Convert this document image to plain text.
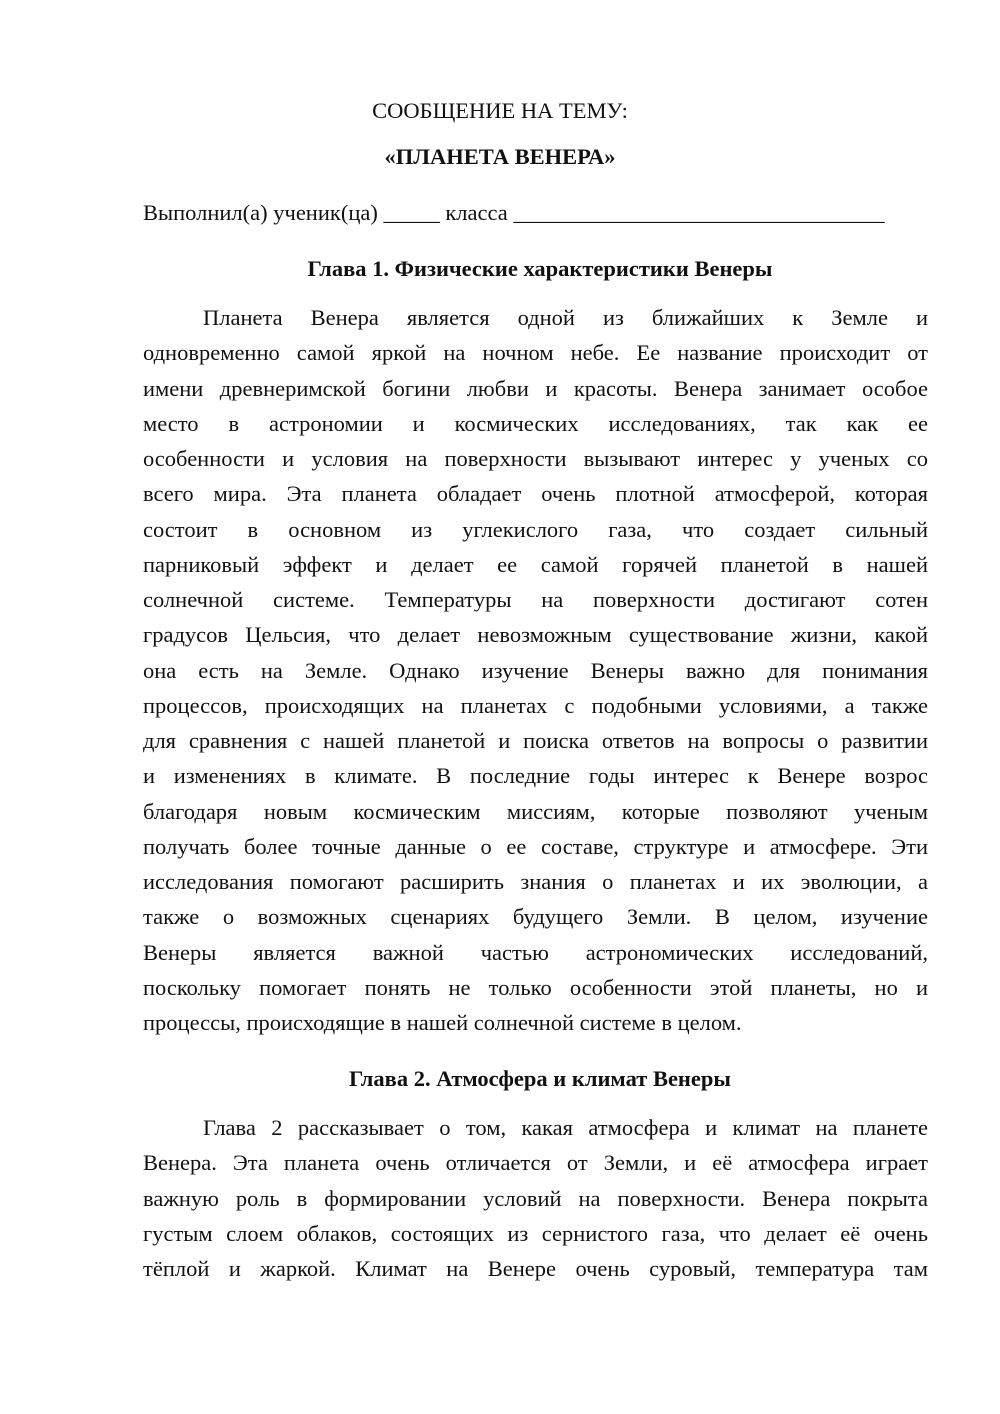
СООБЩЕНИЕ НА ТЕМУ:
«ПЛАНЕТА ВЕНЕРА»
Выполнил(а) ученик(ца) _____ класса _________________________________
Глава 1. Физические характеристики Венеры
Планета Венера является одной из ближайших к Земле и
одновременно самой яркой на ночном небе. Ее название происходит от
имени древнеримской богини любви и красоты. Венера занимает особое
место в астрономии и космических исследованиях, так как ее
особенности и условия на поверхности вызывают интерес у ученых со
всего мира. Эта планета обладает очень плотной атмосферой, которая
состоит в основном из углекислого газа, что создает сильный
парниковый эффект и делает ее самой горячей планетой в нашей
солнечной системе. Температуры на поверхности достигают сотен
градусов Цельсия, что делает невозможным существование жизни, какой
она есть на Земле. Однако изучение Венеры важно для понимания
процессов, происходящих на планетах с подобными условиями, а также
для сравнения с нашей планетой и поиска ответов на вопросы о развитии
и изменениях в климате. В последние годы интерес к Венере возрос
благодаря новым космическим миссиям, которые позволяют ученым
получать более точные данные о ее составе, структуре и атмосфере. Эти
исследования помогают расширить знания о планетах и их эволюции, а
также о возможных сценариях будущего Земли. В целом, изучение
Венеры является важной частью астрономических исследований,
поскольку помогает понять не только особенности этой планеты, но и
процессы, происходящие в нашей солнечной системе в целом.
Глава 2. Атмосфера и климат Венеры
Глава 2 рассказывает о том, какая атмосфера и климат на планете
Венера. Эта планета очень отличается от Земли, и её атмосфера играет
важную роль в формировании условий на поверхности. Венера покрыта
густым слоем облаков, состоящих из сернистого газа, что делает её очень
тёплой и жаркой. Климат на Венере очень суровый, температура там
